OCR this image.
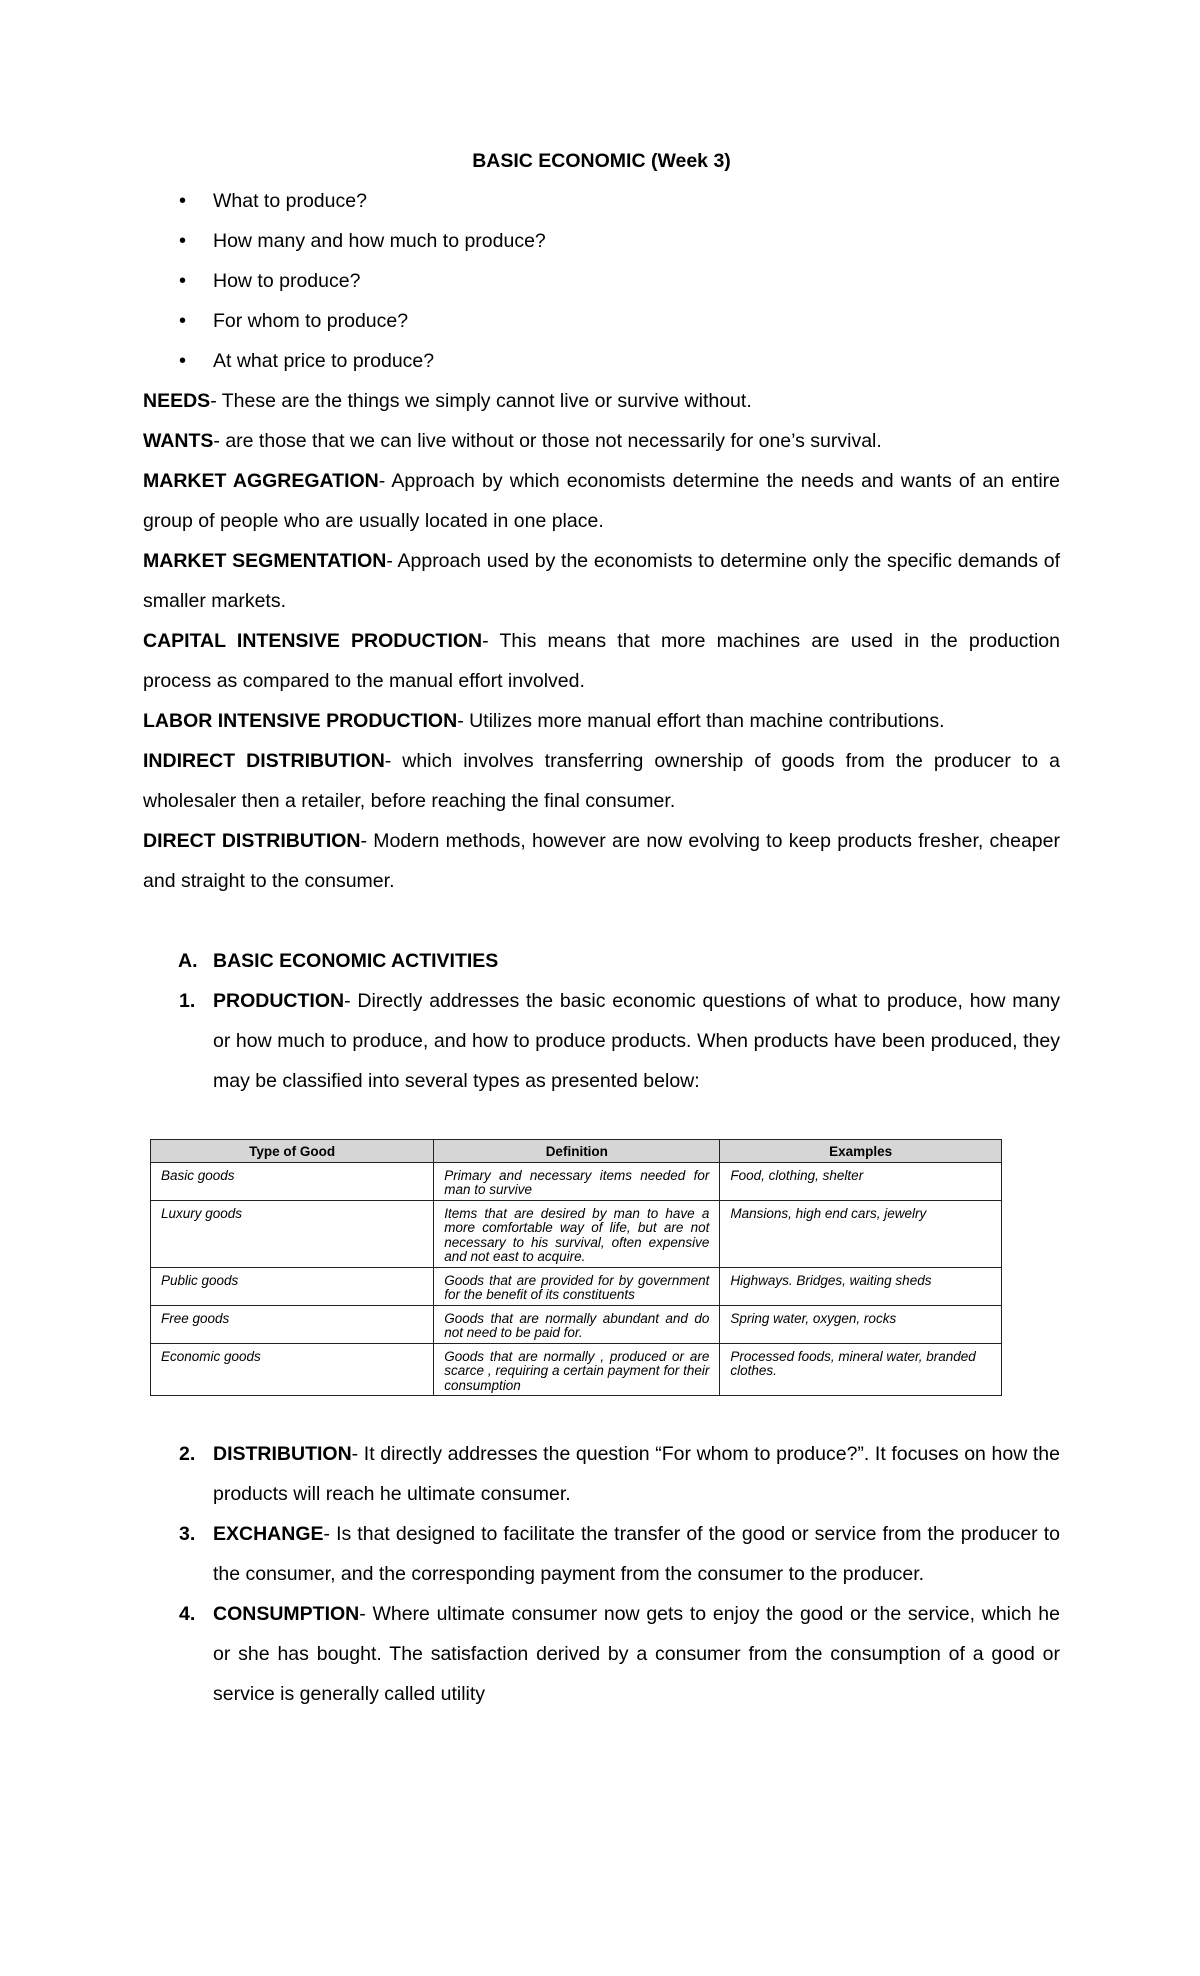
BASIC ECONOMIC (Week 3)

• What to produce?
• How many and how much to produce?
• How to produce?
• For whom to produce?
• At what price to produce?

NEEDS- These are the things we simply cannot live or survive without.

WANTS- are those that we can live without or those not necessarily for one’s survival.

MARKET AGGREGATION- Approach by which economists determine the needs and wants of an entire group of people who are usually located in one place.

MARKET SEGMENTATION- Approach used by the economists to determine only the specific demands of smaller markets.

CAPITAL INTENSIVE PRODUCTION- This means that more machines are used in the production process as compared to the manual effort involved.

LABOR INTENSIVE PRODUCTION- Utilizes more manual effort than machine contributions.

INDIRECT DISTRIBUTION- which involves transferring ownership of goods from the producer to a wholesaler then a retailer, before reaching the final consumer.

DIRECT DISTRIBUTION- Modern methods, however are now evolving to keep products fresher, cheaper and straight to the consumer.

A. BASIC ECONOMIC ACTIVITIES

1. PRODUCTION- Directly addresses the basic economic questions of what to produce, how many or how much to produce, and how to produce products. When products have been produced, they may be classified into several types as presented below:
Type of Good	Definition	Examples
Basic goods	Primary and necessary items needed for man to survive	Food, clothing, shelter
Luxury goods	Items that are desired by man to have a more comfortable way of life, but are not necessary to his survival, often expensive and not east to acquire.	Mansions, high end cars, jewelry
Public goods	Goods that are provided for by government for the benefit of its constituents	Highways. Bridges, waiting sheds
Free goods	Goods that are normally abundant and do not need to be paid for.	Spring water, oxygen, rocks
Economic goods	Goods that are normally , produced or are scarce , requiring a certain payment for their consumption	Processed foods, mineral water, branded clothes.
2. DISTRIBUTION- It directly addresses the question “For whom to produce?”. It focuses on how the products will reach he ultimate consumer.
3. EXCHANGE- Is that designed to facilitate the transfer of the good or service from the producer to the consumer, and the corresponding payment from the consumer to the producer.
4. CONSUMPTION- Where ultimate consumer now gets to enjoy the good or the service, which he or she has bought. The satisfaction derived by a consumer from the consumption of a good or service is generally called utility
